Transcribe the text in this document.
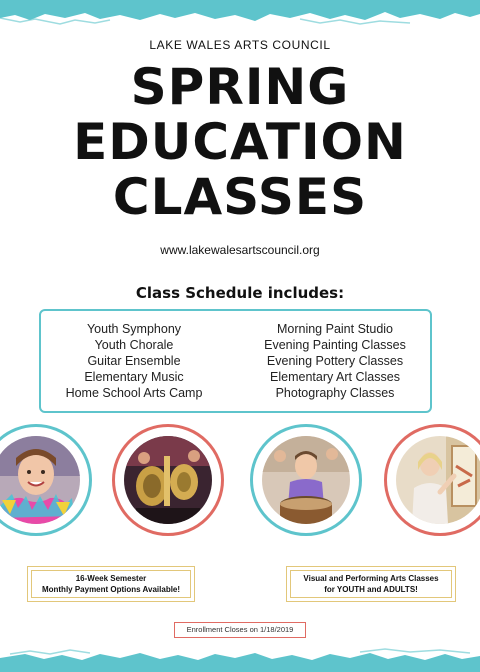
LAKE WALES ARTS COUNCIL
SPRING
EDUCATION
CLASSES
www.lakewalesartscouncil.org
Class Schedule includes:
Youth Symphony
Youth Chorale
Guitar Ensemble
Elementary Music
Home School Arts Camp
Morning Paint Studio
Evening Painting Classes
Evening Pottery Classes
Elementary Art Classes
Photography Classes
16-Week Semester
Monthly Payment Options Available!
Visual and Performing Arts Classes
for YOUTH and ADULTS!
Enrollment Closes on 1/18/2019
